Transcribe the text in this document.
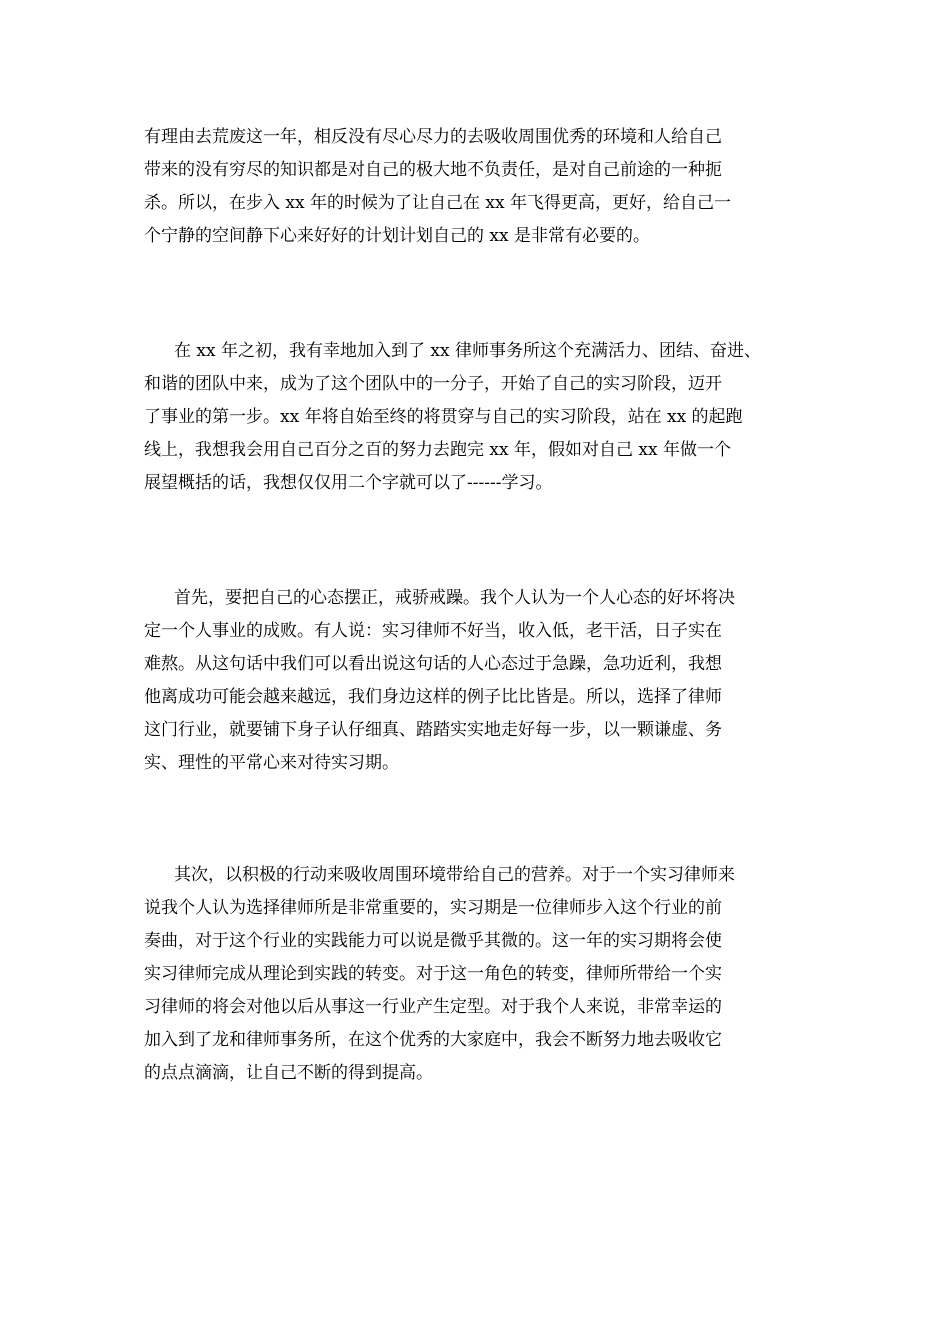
有理由去荒废这一年，相反没有尽心尽力的去吸收周围优秀的环境和人给自己
带来的没有穷尽的知识都是对自己的极大地不负责任，是对自己前途的一种扼
杀。所以，在步入 xx 年的时候为了让自己在 xx 年飞得更高，更好，给自己一
个宁静的空间静下心来好好的计划计划自己的 xx 是非常有必要的。
在 xx 年之初，我有幸地加入到了 xx 律师事务所这个充满活力、团结、奋进、
和谐的团队中来，成为了这个团队中的一分子，开始了自己的实习阶段，迈开
了事业的第一步。xx 年将自始至终的将贯穿与自己的实习阶段，站在 xx 的起跑
线上，我想我会用自己百分之百的努力去跑完 xx 年，假如对自己 xx 年做一个
展望概括的话，我想仅仅用二个字就可以了------学习。
首先，要把自己的心态摆正，戒骄戒躁。我个人认为一个人心态的好坏将决
定一个人事业的成败。有人说：实习律师不好当，收入低，老干活，日子实在
难熬。从这句话中我们可以看出说这句话的人心态过于急躁，急功近利，我想
他离成功可能会越来越远，我们身边这样的例子比比皆是。所以，选择了律师
这门行业，就要铺下身子认仔细真、踏踏实实地走好每一步，以一颗谦虚、务
实、理性的平常心来对待实习期。
其次，以积极的行动来吸收周围环境带给自己的营养。对于一个实习律师来
说我个人认为选择律师所是非常重要的，实习期是一位律师步入这个行业的前
奏曲，对于这个行业的实践能力可以说是微乎其微的。这一年的实习期将会使
实习律师完成从理论到实践的转变。对于这一角色的转变，律师所带给一个实
习律师的将会对他以后从事这一行业产生定型。对于我个人来说，非常幸运的
加入到了龙和律师事务所，在这个优秀的大家庭中，我会不断努力地去吸收它
的点点滴滴，让自己不断的得到提高。
